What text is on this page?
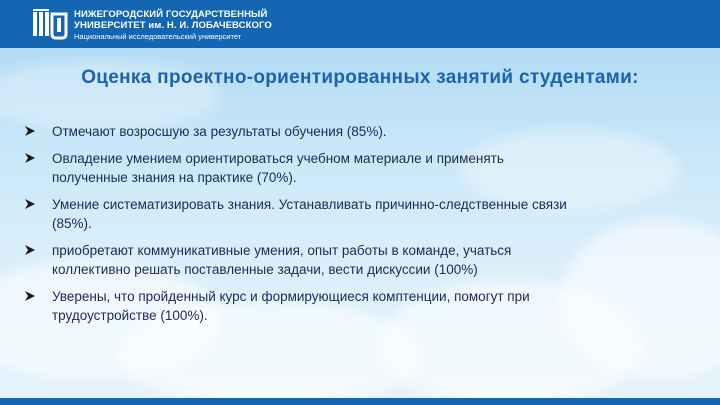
НИЖЕГОРОДСКИЙ ГОСУДАРСТВЕННЫЙ
УНИВЕРСИТЕТ им. Н. И. ЛОБАЧЕВСКОГО
Национальный исследовательский университет
Оценка проектно-ориентированных занятий студентами:
Отмечают возросшую за результаты обучения (85%).
Овладение умением ориентироваться учебном материале и применять полученные знания на практике (70%).
Умение систематизировать знания. Устанавливать причинно-следственные связи (85%).
приобретают коммуникативные умения, опыт работы в команде, учаться коллективно решать поставленные задачи, вести дискуссии (100%)
Уверены, что пройденный курс и формирующиеся комптенции, помогут при трудоустройстве (100%).
